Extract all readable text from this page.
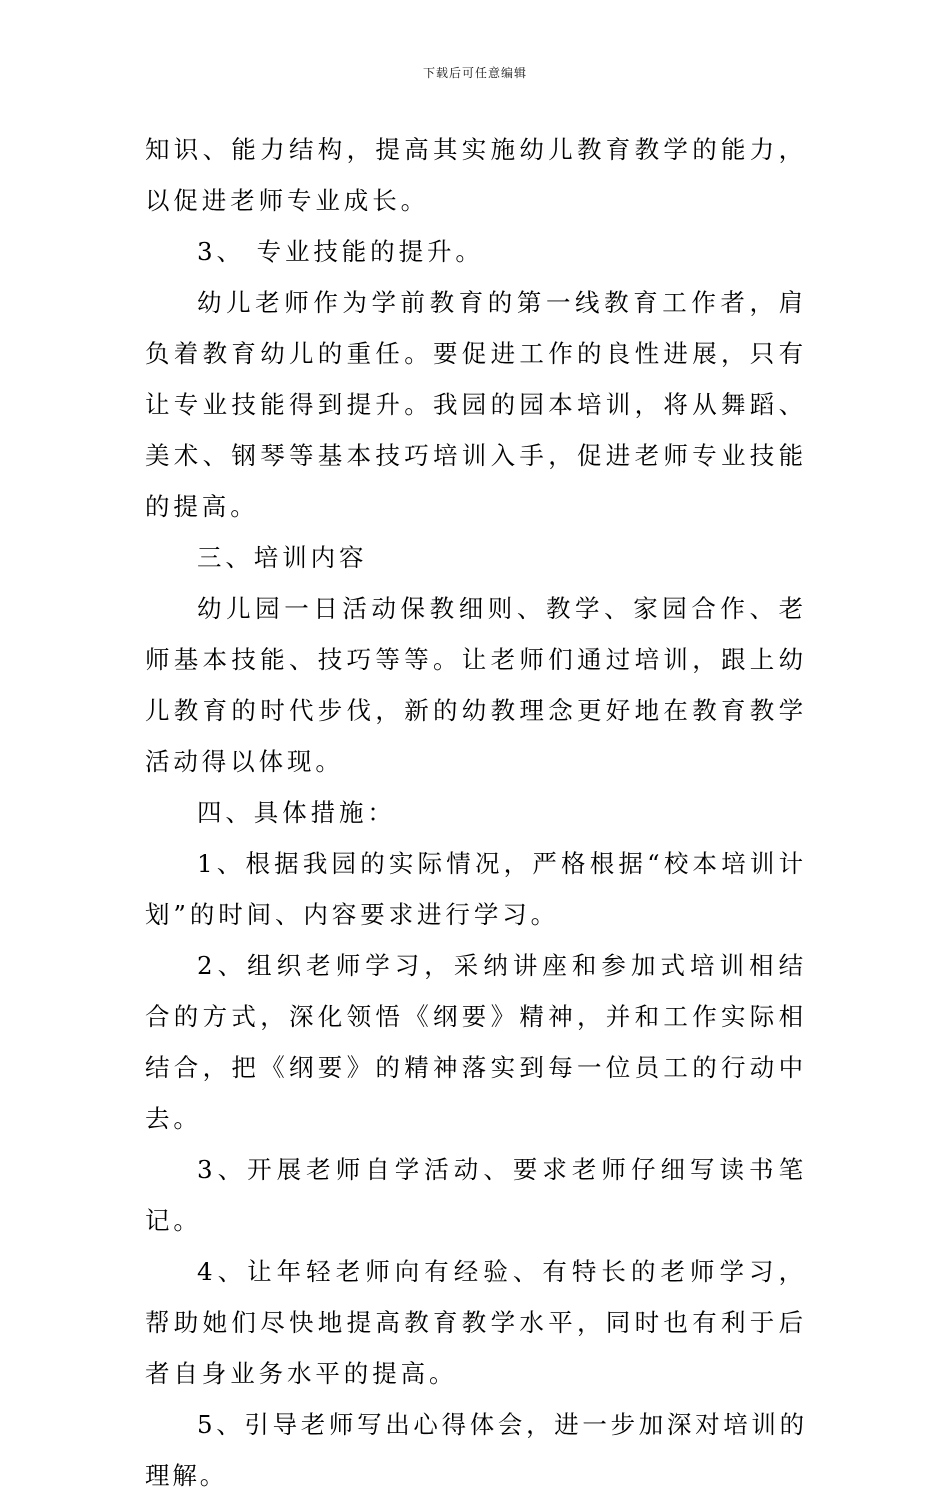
下载后可任意编辑

知识、能力结构，提高其实施幼儿教育教学的能力，以促进老师专业成长。

3、 专业技能的提升。

幼儿老师作为学前教育的第一线教育工作者，肩负着教育幼儿的重任。要促进工作的良性进展，只有让专业技能得到提升。我园的园本培训，将从舞蹈、美术、钢琴等基本技巧培训入手，促进老师专业技能的提高。

三、培训内容

幼儿园一日活动保教细则、教学、家园合作、老师基本技能、技巧等等。让老师们通过培训，跟上幼儿教育的时代步伐，新的幼教理念更好地在教育教学活动得以体现。

四、具体措施：

1、根据我园的实际情况，严格根据“校本培训计划”的时间、内容要求进行学习。

2、组织老师学习，采纳讲座和参加式培训相结合的方式，深化领悟《纲要》精神，并和工作实际相结合，把《纲要》的精神落实到每一位员工的行动中去。

3、开展老师自学活动、要求老师仔细写读书笔记。

4、让年轻老师向有经验、有特长的老师学习，帮助她们尽快地提高教育教学水平，同时也有利于后者自身业务水平的提高。

5、引导老师写出心得体会，进一步加深对培训的理解。
